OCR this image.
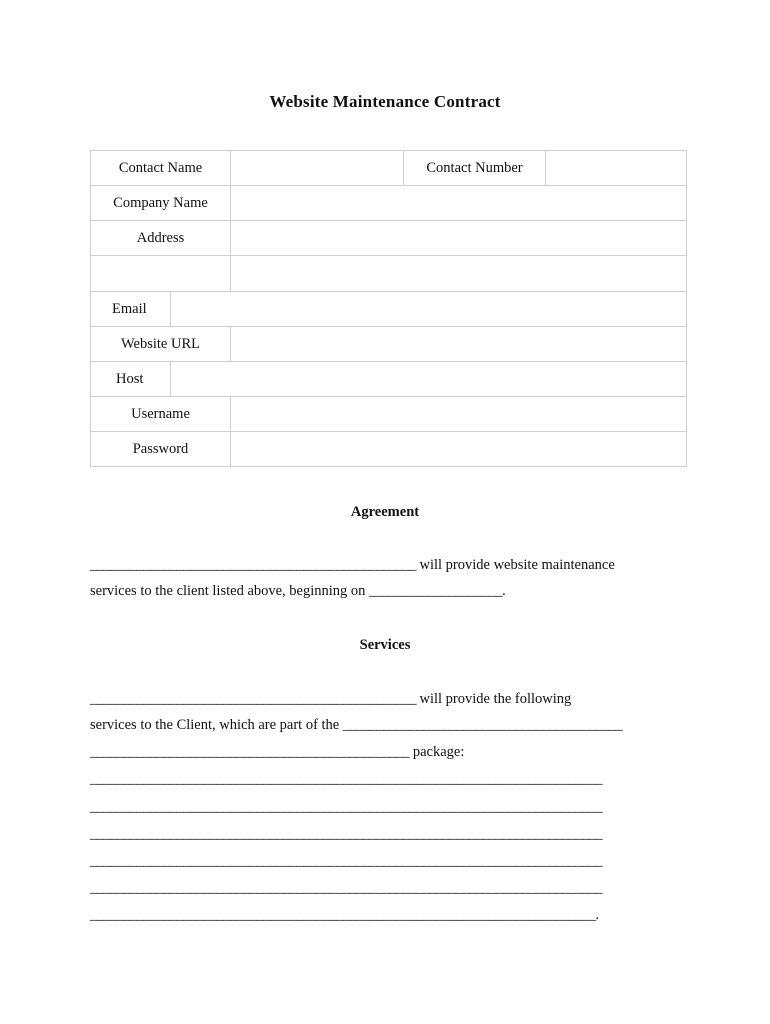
Website Maintenance Contract
Contact Name	Contact Number
Company Name
Address
Email
Website URL
Host
Username
Password
Agreement
_________________________________________________ will provide website maintenance
services to the client listed above, beginning on ____________________.
Services
_________________________________________________ will provide the following
services to the Client, which are part of the __________________________________________
________________________________________________ package:
_____________________________________________________________________________
_____________________________________________________________________________
_____________________________________________________________________________
_____________________________________________________________________________
_____________________________________________________________________________
____________________________________________________________________________.
